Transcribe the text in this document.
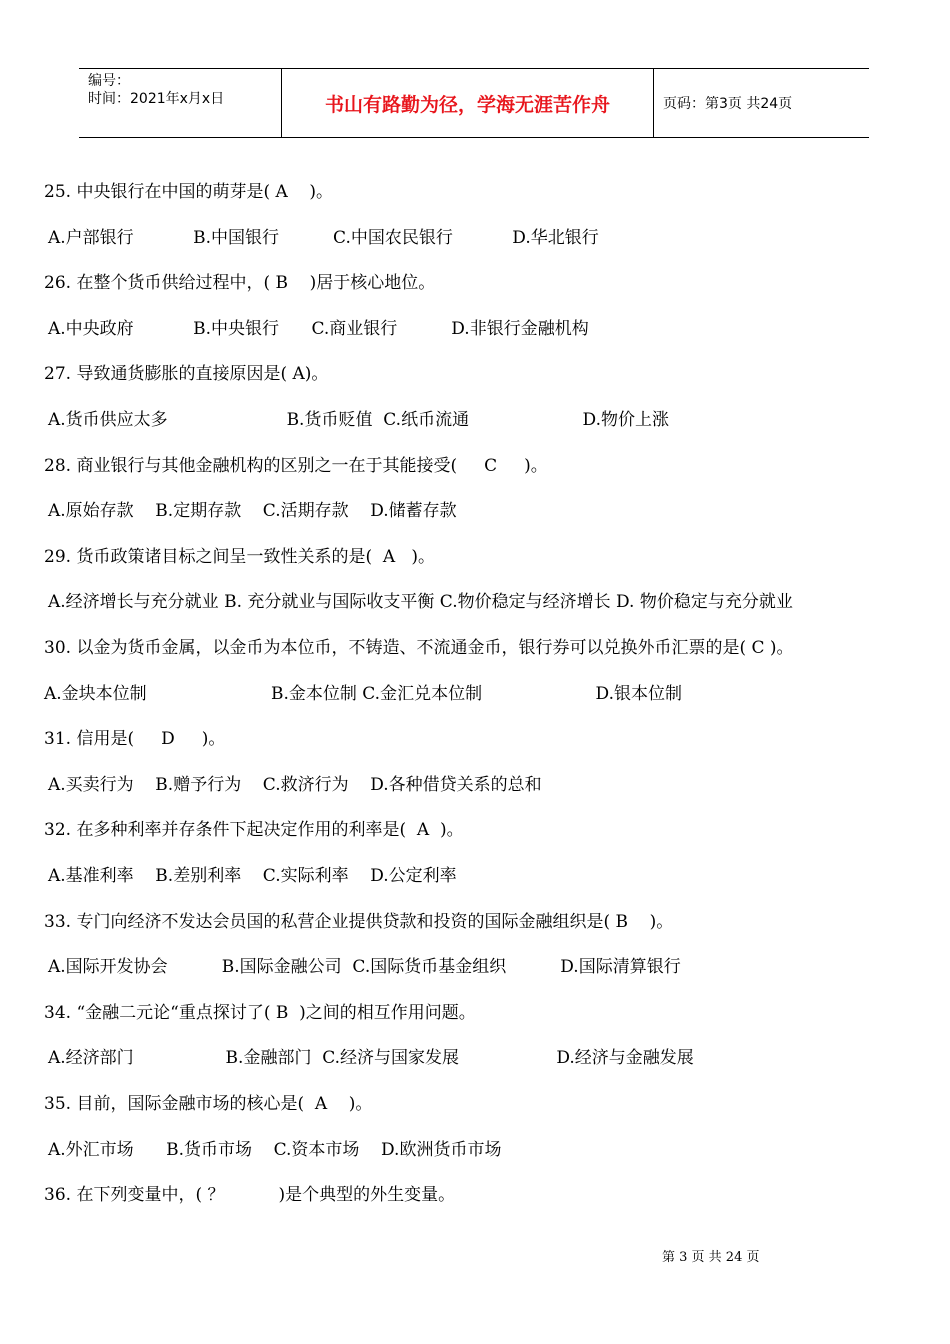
编号：
时间：2021年x月x日	书山有路勤为径，学海无涯苦作舟	页码：第3页 共24页
25. 中央银行在中国的萌芽是( A    )。
A.户部银行           B.中国银行          C.中国农民银行           D.华北银行
26. 在整个货币供给过程中，( B    )居于核心地位。
A.中央政府           B.中央银行      C.商业银行          D.非银行金融机构
27. 导致通货膨胀的直接原因是( A)。
A.货币供应太多                      B.货币贬值  C.纸币流通                     D.物价上涨
28. 商业银行与其他金融机构的区别之一在于其能接受(     C     )。
A.原始存款    B.定期存款    C.活期存款    D.储蓄存款
29. 货币政策诸目标之间呈一致性关系的是(  A   )。
A.经济增长与充分就业 B. 充分就业与国际收支平衡 C.物价稳定与经济增长 D. 物价稳定与充分就业
30. 以金为货币金属，以金币为本位币，不铸造、不流通金币，银行券可以兑换外币汇票的是( C )。
A.金块本位制                       B.金本位制 C.金汇兑本位制                     D.银本位制
31. 信用是(     D     )。
A.买卖行为    B.赠予行为    C.救济行为    D.各种借贷关系的总和
32. 在多种利率并存条件下起决定作用的利率是(  A  )。
A.基准利率    B.差别利率    C.实际利率    D.公定利率
33. 专门向经济不发达会员国的私营企业提供贷款和投资的国际金融组织是( B    )。
A.国际开发协会          B.国际金融公司  C.国际货币基金组织          D.国际清算银行
34. “金融二元论“重点探讨了( B  )之间的相互作用问题。
A.经济部门                 B.金融部门  C.经济与国家发展                  D.经济与金融发展
35. 目前，国际金融市场的核心是(  A    )。
A.外汇市场      B.货币市场    C.资本市场    D.欧洲货币市场
36. 在下列变量中，( ？          )是个典型的外生变量。
第 3 页 共 24 页
